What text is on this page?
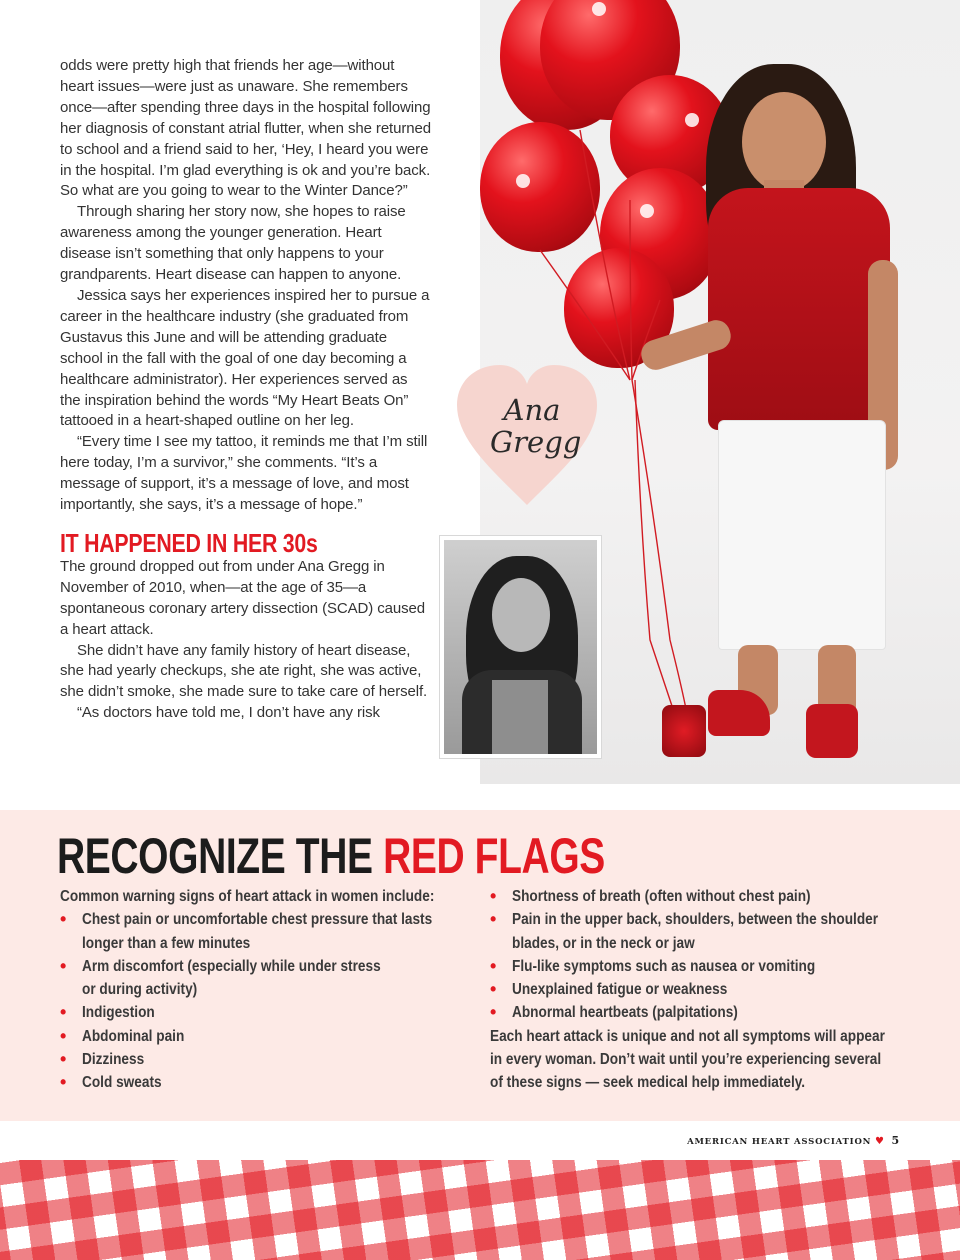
odds were pretty high that friends her age—without heart issues—were just as unaware. She remembers once—after spending three days in the hospital following her diagnosis of constant atrial flutter, when she returned to school and a friend said to her, ‘Hey, I heard you were in the hospital. I’m glad everything is ok and you’re back. So what are you going to wear to the Winter Dance?”

Through sharing her story now, she hopes to raise awareness among the younger generation. Heart disease isn’t something that only happens to your grandparents. Heart disease can happen to anyone.

Jessica says her experiences inspired her to pursue a career in the healthcare industry (she graduated from Gustavus this June and will be attending graduate school in the fall with the goal of one day becoming a healthcare administrator). Her experiences served as the inspiration behind the words “My Heart Beats On” tattooed in a heart-shaped outline on her leg.

“Every time I see my tattoo, it reminds me that I’m still here today, I’m a survivor,” she comments. “It’s a message of support, it’s a message of love, and most importantly, she says, it’s a message of hope.”

IT HAPPENED IN HER 30s

The ground dropped out from under Ana Gregg in November of 2010, when—at the age of 35—a spontaneous coronary artery dissection (SCAD) caused a heart attack.

She didn’t have any family history of heart disease, she had yearly checkups, she ate right, she was active, she didn’t smoke, she made sure to take care of herself.

“As doctors have told me, I don’t have any risk

Ana Gregg
RECOGNIZE THE RED FLAGS
Common warning signs of heart attack in women include:
• Chest pain or uncomfortable chest pressure that lasts
longer than a few minutes
• Arm discomfort (especially while under stress
or during activity)
• Indigestion
• Abdominal pain
• Dizziness
• Cold sweats
• Shortness of breath (often without chest pain)
• Pain in the upper back, shoulders, between the shoulder
blades, or in the neck or jaw
• Flu-like symptoms such as nausea or vomiting
• Unexplained fatigue or weakness
• Abnormal heartbeats (palpitations)
Each heart attack is unique and not all symptoms will appear
in every woman. Don’t wait until you’re experiencing several
of these signs — seek medical help immediately.
AMERICAN HEART ASSOCIATION ♥ 5
